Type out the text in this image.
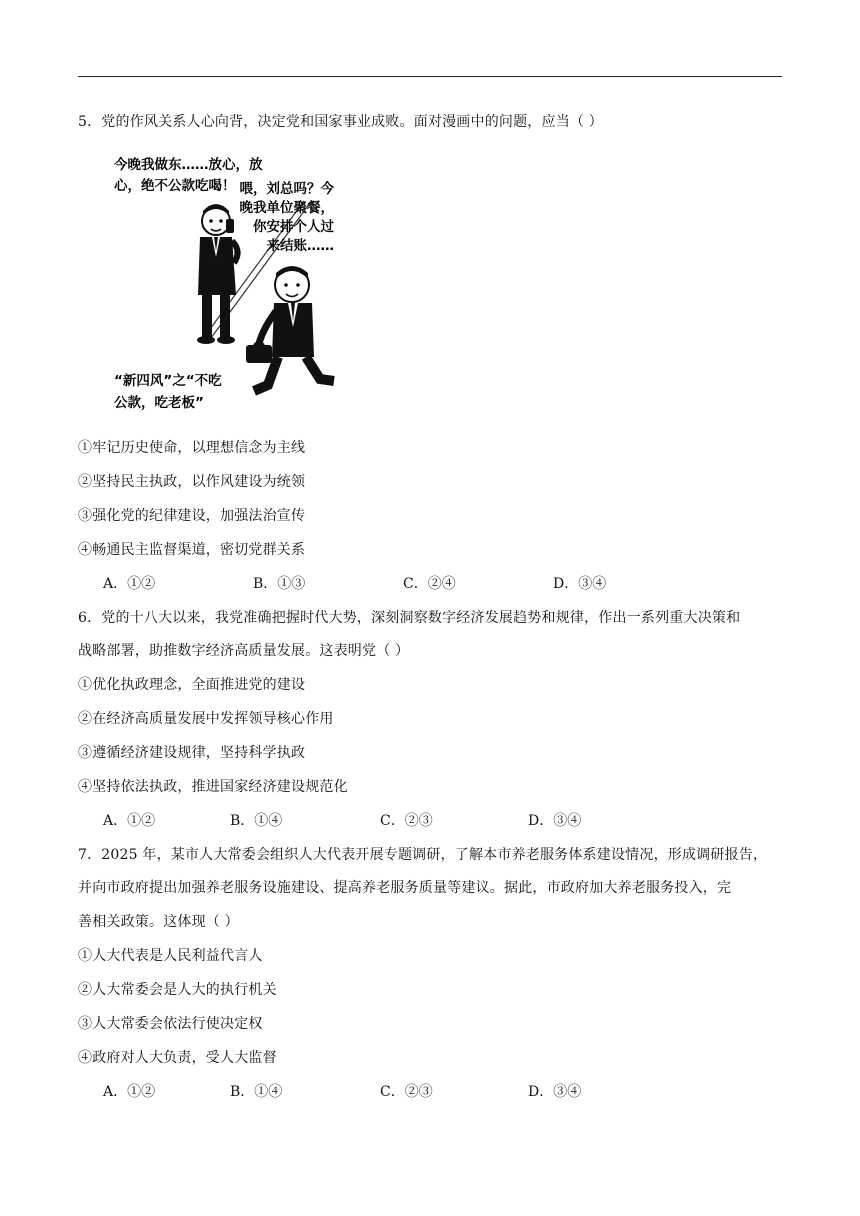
5．党的作风关系人心向背，决定党和国家事业成败。面对漫画中的问题，应当（ ）
今晚我做东……放心，放
心，绝不公款吃喝！ 喂，刘总吗？今
晚我单位聚餐，
你安排个人过
来结账……
“新四风”之“不吃
公款，吃老板”
①牢记历史使命，以理想信念为主线
②坚持民主执政，以作风建设为统领
③强化党的纪律建设，加强法治宣传
④畅通民主监督渠道，密切党群关系
A．①②	B．①③	C．②④	D．③④
6．党的十八大以来，我党准确把握时代大势，深刻洞察数字经济发展趋势和规律，作出一系列重大决策和
战略部署，助推数字经济高质量发展。这表明党（ ）
①优化执政理念，全面推进党的建设
②在经济高质量发展中发挥领导核心作用
③遵循经济建设规律，坚持科学执政
④坚持依法执政，推进国家经济建设规范化
A．①②	B．①④	C．②③	D．③④
7．2025 年，某市人大常委会组织人大代表开展专题调研，了解本市养老服务体系建设情况，形成调研报告，
并向市政府提出加强养老服务设施建设、提高养老服务质量等建议。据此，市政府加大养老服务投入，完
善相关政策。这体现（ ）
①人大代表是人民利益代言人
②人大常委会是人大的执行机关
③人大常委会依法行使决定权
④政府对人大负责，受人大监督
A．①②	B．①④	C．②③	D．③④
